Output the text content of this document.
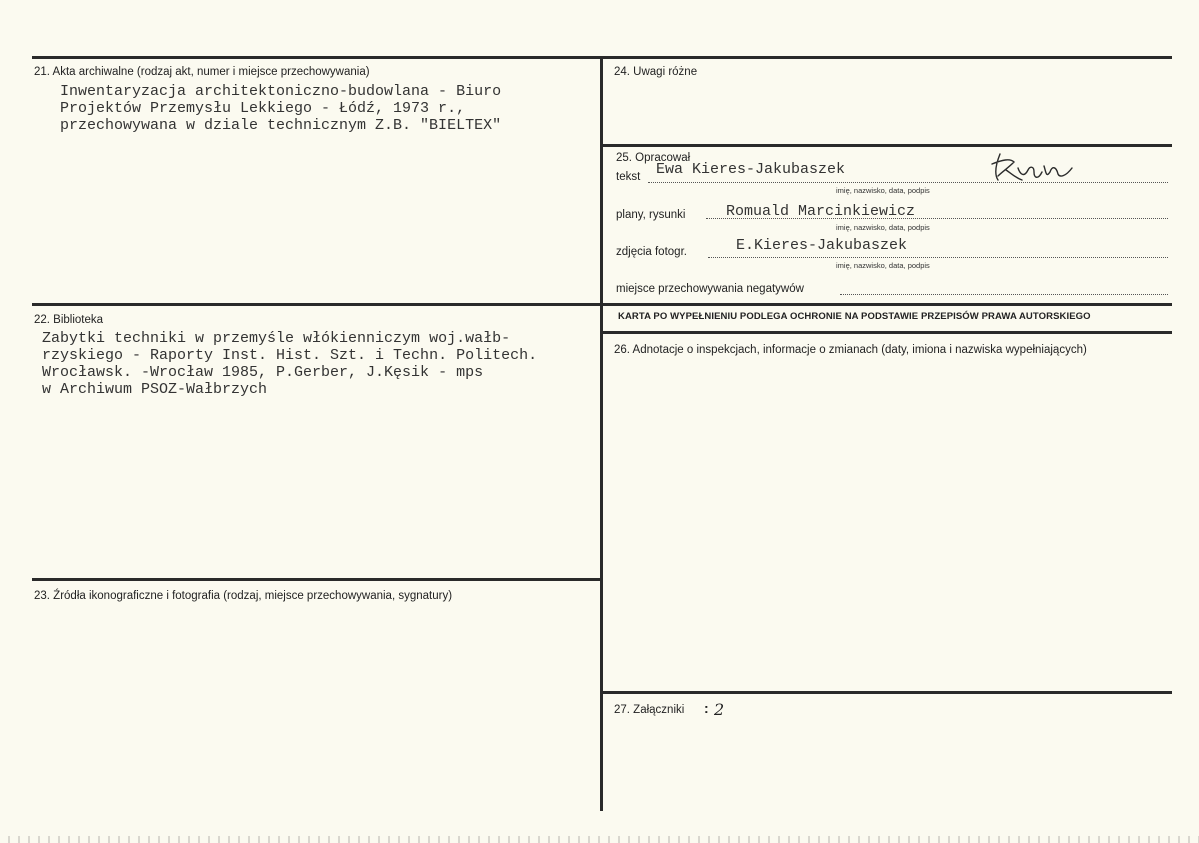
21. Akta archiwalne (rodzaj akt, numer i miejsce przechowywania)
Inwentaryzacja architektoniczno-budowlana - Biuro
Projektów Przemysłu Lekkiego - Łódź, 1973 r.,
przechowywana w dziale technicznym Z.B. "BIELTEX"
22. Biblioteka
Zabytki techniki w przemyśle włókienniczym woj.wałb-
rzyskiego - Raporty Inst. Hist. Szt. i Techn. Politech.
Wrocławsk. -Wrocław 1985, P.Gerber, J.Kęsik - mps
w Archiwum PSOZ-Wałbrzych
23. Źródła ikonograficzne i fotografia (rodzaj, miejsce przechowywania, sygnatury)
24. Uwagi różne
25. Opracował
tekst Ewa Kieres-Jakubaszek
imię, nazwisko, data, podpis
plany, rysunki	Romuald Marcinkiewicz
imię, nazwisko, data, podpis
zdjęcia fotogr.	E.Kieres-Jakubaszek
imię, nazwisko, data, podpis
miejsce przechowywania negatywów
KARTA PO WYPEŁNIENIU PODLEGA OCHRONIE NA PODSTAWIE PRZEPISÓW PRAWA AUTORSKIEGO
26. Adnotacje o inspekcjach, informacje o zmianach (daty, imiona i nazwiska wypełniających)
27. Załączniki : 2
